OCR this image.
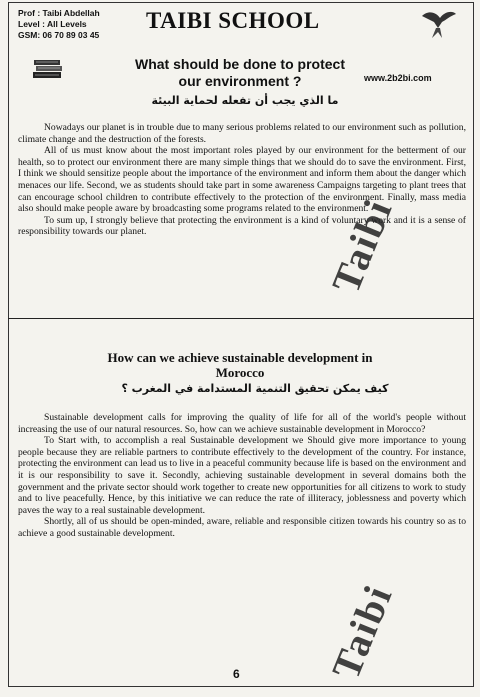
Prof : Taibi Abdellah
Level : All Levels
GSM: 06 70 89 03 45
TAIBI SCHOOL
What should be done to protect
our environment ?	www.2b2bi.com
ما الذي يجب أن تفعله لحماية البيئة

Nowadays our planet is in trouble due to many serious problems related to our environment such as pollution, climate change and the destruction of the forests.

All of us must know about the most important roles played by our environment for the betterment of our health, so to protect our environment there are many simple things that we should do to save the environment. First, I think we should sensitize people about the importance of the environment and inform them about the danger which menaces our life. Second, we as students should take part in some awareness Campaigns targeting to plant trees that can encourage school children to contribute effectively to the protection of the environment. Finally, mass media also should make people aware by broadcasting some programs related to the environment.

To sum up, I strongly believe that protecting the environment is a kind of voluntary work and it is a sense of responsibility towards our planet.	Taibi
How can we achieve sustainable development in
Morocco
كيف يمكن تحقيق التنمية المستدامة في المغرب ؟

Sustainable development calls for improving the quality of life for all of the world's people without increasing the use of our natural resources. So, how can we achieve sustainable development in Morocco?

To Start with, to accomplish a real Sustainable development we Should give more importance to young people because they are reliable partners to contribute effectively to the development of the country. For instance, protecting the environment can lead us to live in a peaceful community because life is based on the environment and it is our responsibility to save it. Secondly, achieving sustainable development in several domains both the government and the private sector should work together to create new opportunities for all citizens to work to study and to live peacefully. Hence, by this initiative we can reduce the rate of illiteracy, joblessness and poverty which paves the way to a real sustainable development.

Shortly, all of us should be open-minded, aware, reliable and responsible citizen towards his country so as to achieve a good sustainable development.

Taibi
6
